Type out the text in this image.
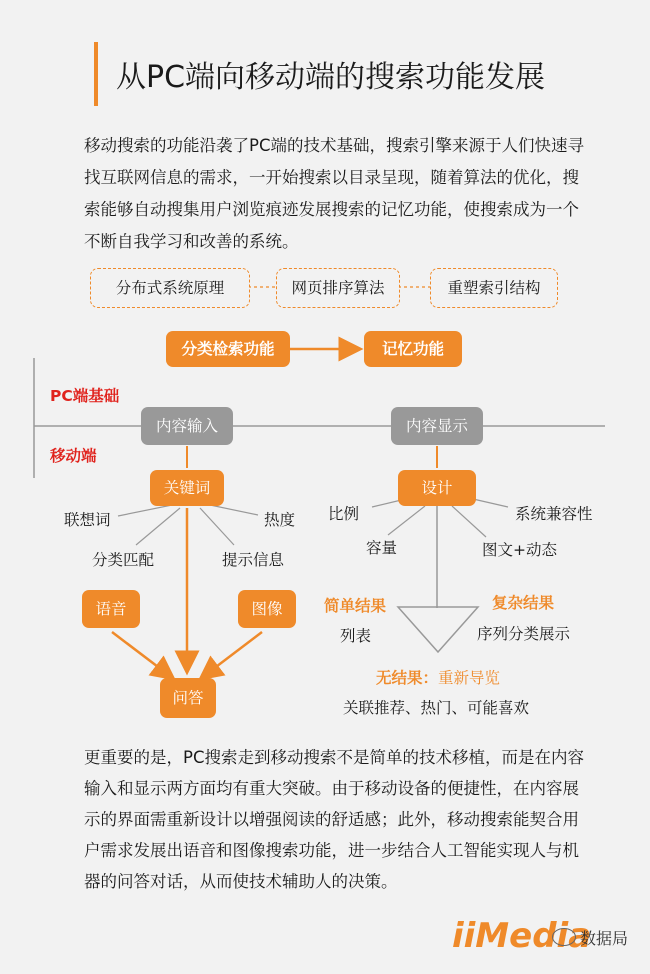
从PC端向移动端的搜索功能发展
移动搜索的功能沿袭了PC端的技术基础，搜索引擎来源于人们快速寻找互联网信息的需求，一开始搜索以目录呈现，随着算法的优化，搜索能够自动搜集用户浏览痕迹发展搜索的记忆功能，使搜索成为一个不断自我学习和改善的系统。
分布式系统原理	网页排序算法	重塑索引结构
分类检索功能	记忆功能
PC端基础
移动端
内容输入	内容显示
关键词
联想词
分类匹配	提示信息
热度
语音	图像
问答
设计
比例
容量	图文+动态
系统兼容性
简单结果
列表
复杂结果
序列分类展示
无结果：重新导览
关联推荐、热门、可能喜欢
更重要的是，PC搜索走到移动搜索不是简单的技术移植，而是在内容输入和显示两方面均有重大突破。由于移动设备的便捷性，在内容展示的界面需重新设计以增强阅读的舒适感；此外，移动搜索能契合用户需求发展出语音和图像搜索功能，进一步结合人工智能实现人与机器的问答对话，从而使技术辅助人的决策。
iiMedia
数据局
